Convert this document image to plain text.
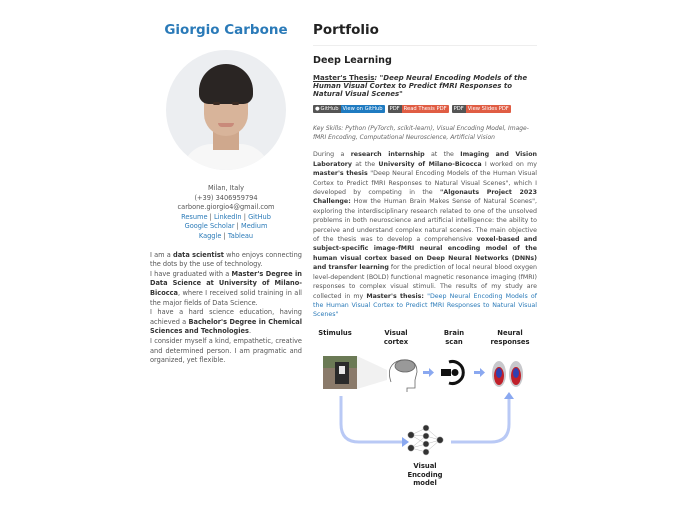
Giorgio Carbone
Milan, Italy
(+39) 3406959794
carbone.giorgio4@gmail.com
Resume | LinkedIn | GitHub
Google Scholar | Medium
Kaggle | Tableau
I am a data scientist who enjoys connecting the dots by the use of technology.
I have graduated with a Master's Degree in Data Science at University of Milano-Bicocca, where I received solid training in all the major fields of Data Science.
I have a hard science education, having achieved a Bachelor's Degree in Chemical Sciences and Technologies.
I consider myself a kind, empathetic, creative and determined person. I am pragmatic and organized, yet flexible.
Portfolio
Deep Learning

Master's Thesis: "Deep Neural Encoding Models of the Human Visual Cortex to Predict fMRI Responses to Natural Visual Scenes"

● GitHub View on GitHub	PDF Read Thesis PDF	PDF View Slides PDF
Key Skills: Python (PyTorch, scikit-learn), Visual Encoding Model, Image-fMRI Encoding, Computational Neuroscience, Artificial Vision
During a research internship at the Imaging and Vision Laboratory at the University of Milano-Bicocca I worked on my master's thesis "Deep Neural Encoding Models of the Human Visual Cortex to Predict fMRI Responses to Natural Visual Scenes", which I developed by competing in the "Algonauts Project 2023 Challenge: How the Human Brain Makes Sense of Natural Scenes", exploring the interdisciplinary research related to one of the unsolved problems in both neuroscience and artificial intelligence: the ability to perceive and understand complex natural scenes. The main objective of the thesis was to develop a comprehensive voxel-based and subject-specific image-fMRI neural encoding model of the human visual cortex based on Deep Neural Networks (DNNs) and transfer learning for the prediction of local neural blood oxygen level-dependent (BOLD) functional magnetic resonance imaging (fMRI) responses to complex visual stimuli. The results of my study are collected in my Master's thesis: "Deep Neural Encoding Models of the Human Visual Cortex to Predict fMRI Responses to Natural Visual Scenes"
Stimulus	Visual cortex
Brain scan
Neural responses
Visual Encoding model
